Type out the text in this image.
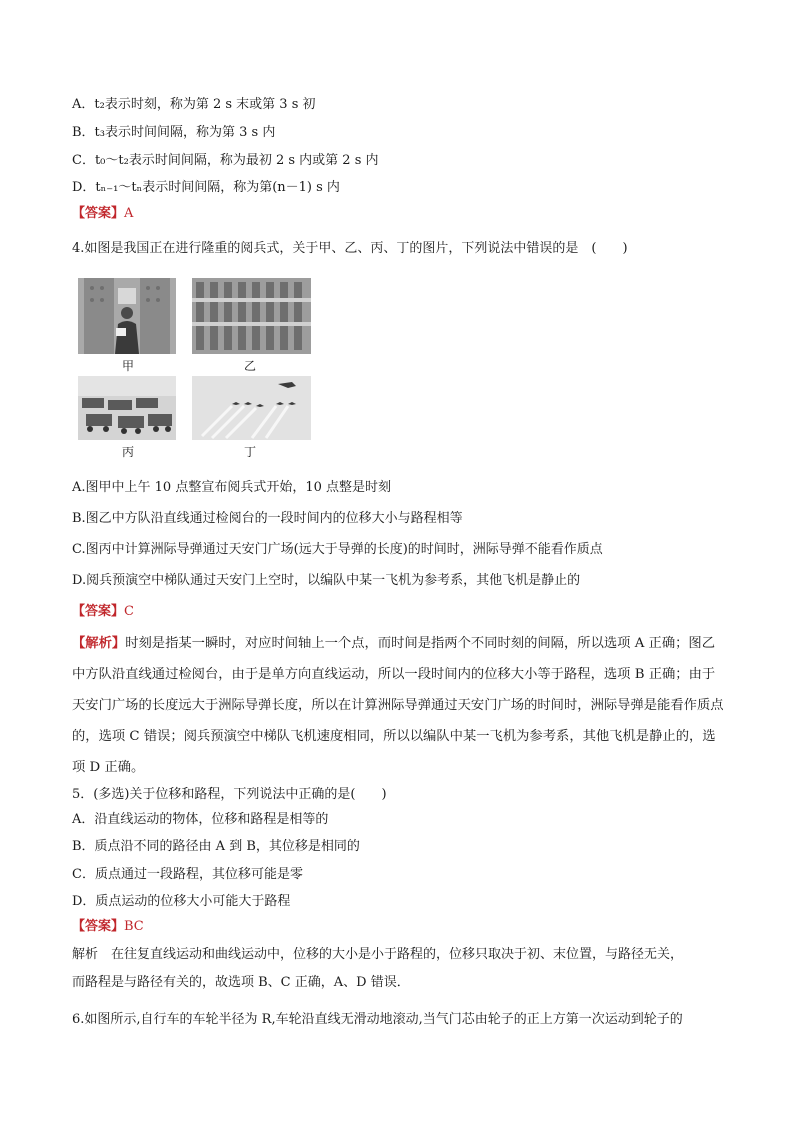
A．t₂表示时刻，称为第 2 s 末或第 3 s 初
B．t₃表示时间间隔，称为第 3 s 内
C．t₀～t₂表示时间间隔，称为最初 2 s 内或第 2 s 内
D．tₙ₋₁～tₙ表示时间间隔，称为第(n－1) s 内
【答案】A
4.如图是我国正在进行隆重的阅兵式，关于甲、乙、丙、丁的图片，下列说法中错误的是　(　　)
甲	乙
丙	丁
A.图甲中上午 10 点整宣布阅兵式开始，10 点整是时刻
B.图乙中方队沿直线通过检阅台的一段时间内的位移大小与路程相等
C.图丙中计算洲际导弹通过天安门广场(远大于导弹的长度)的时间时，洲际导弹不能看作质点
D.阅兵预演空中梯队通过天安门上空时，以编队中某一飞机为参考系，其他飞机是静止的
【答案】C
【解析】时刻是指某一瞬时，对应时间轴上一个点，而时间是指两个不同时刻的间隔，所以选项 A 正确；图乙中方队沿直线通过检阅台，由于是单方向直线运动，所以一段时间内的位移大小等于路程，选项 B 正确；由于天安门广场的长度远大于洲际导弹长度，所以在计算洲际导弹通过天安门广场的时间时，洲际导弹是能看作质点的，选项 C 错误；阅兵预演空中梯队飞机速度相同，所以以编队中某一飞机为参考系，其他飞机是静止的，选项 D 正确。
5．(多选)关于位移和路程，下列说法中正确的是(　　)
A．沿直线运动的物体，位移和路程是相等的
B．质点沿不同的路径由 A 到 B，其位移是相同的
C．质点通过一段路程，其位移可能是零
D．质点运动的位移大小可能大于路程
【答案】BC
解析　在往复直线运动和曲线运动中，位移的大小是小于路程的，位移只取决于初、末位置，与路径无关，
而路程是与路径有关的，故选项 B、C 正确，A、D 错误．
6.如图所示,自行车的车轮半径为 R,车轮沿直线无滑动地滚动,当气门芯由轮子的正上方第一次运动到轮子的
